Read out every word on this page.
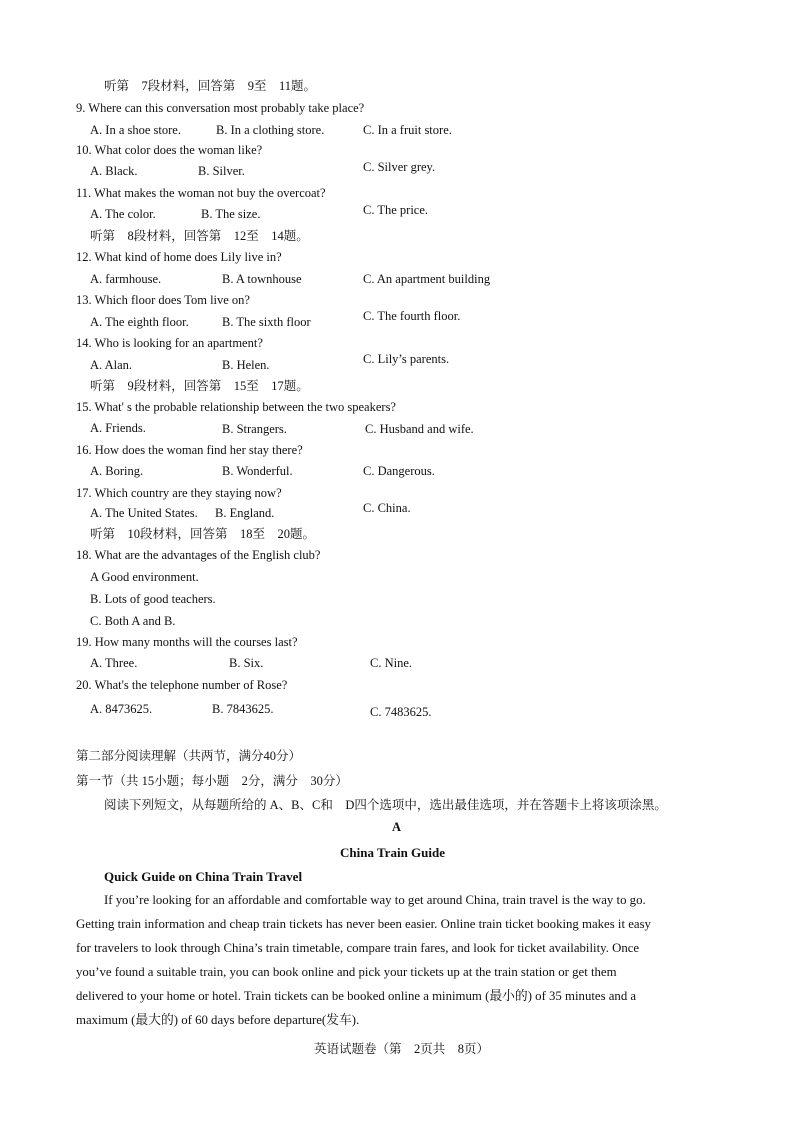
听第　7段材料，回答第　9至　11题。
9. Where can this conversation most probably take place?
A. In a shoe store.	B. In a clothing store.	C. In a fruit store.
10. What color does the woman like?
A. Black.	B. Silver.	C. Silver grey.
11. What makes the woman not buy the overcoat?
A. The color.	B. The size.	C. The price.
听第　8段材料，回答第　12至　14题。
12. What kind of home does Lily live in?
A. farmhouse.	B. A townhouse	C. An apartment building
13. Which floor does Tom live on?
A. The eighth floor.	B. The sixth floor	C. The fourth floor.
14. Who is looking for an apartment?
A. Alan.	B. Helen.	C. Lily’s parents.
听第　9段材料，回答第　15至　17题。
15. What' s the probable relationship between the two speakers?
A. Friends.	B. Strangers.	C. Husband and wife.
16. How does the woman find her stay there?
A. Boring.	B. Wonderful.	C. Dangerous.
17. Which country are they staying now?
A. The United States. B. England.	C. China.
听第　10段材料，回答第　18至　20题。
18. What are the advantages of the English club?
A Good environment.
B. Lots of good teachers.
C. Both A and B.
19. How many months will the courses last?
A. Three.	B. Six.	C. Nine.
20. What's the telephone number of Rose?
A. 8473625.	B. 7843625.	C. 7483625.
第二部分阅读理解（共两节，满分40分）
第一节（共 15小题；每小题　2分，满分　30分）
阅读下列短文，从每题所给的 A、B、C和　D四个选项中，选出最佳选项，并在答题卡上将该项涂黑。
A
China Train Guide
Quick Guide on China Train Travel
If you’re looking for an affordable and comfortable way to get around China, train travel is the way to go.
Getting train information and cheap train tickets has never been easier. Online train ticket booking makes it easy
for travelers to look through China’s train timetable, compare train fares, and look for ticket availability. Once
you’ve found a suitable train, you can book online and pick your tickets up at the train station or get them
delivered to your home or hotel. Train tickets can be booked online a minimum (最小的) of 35 minutes and a
maximum (最大的) of 60 days before departure(发车).
英语试题卷（第　2页共　8页）
